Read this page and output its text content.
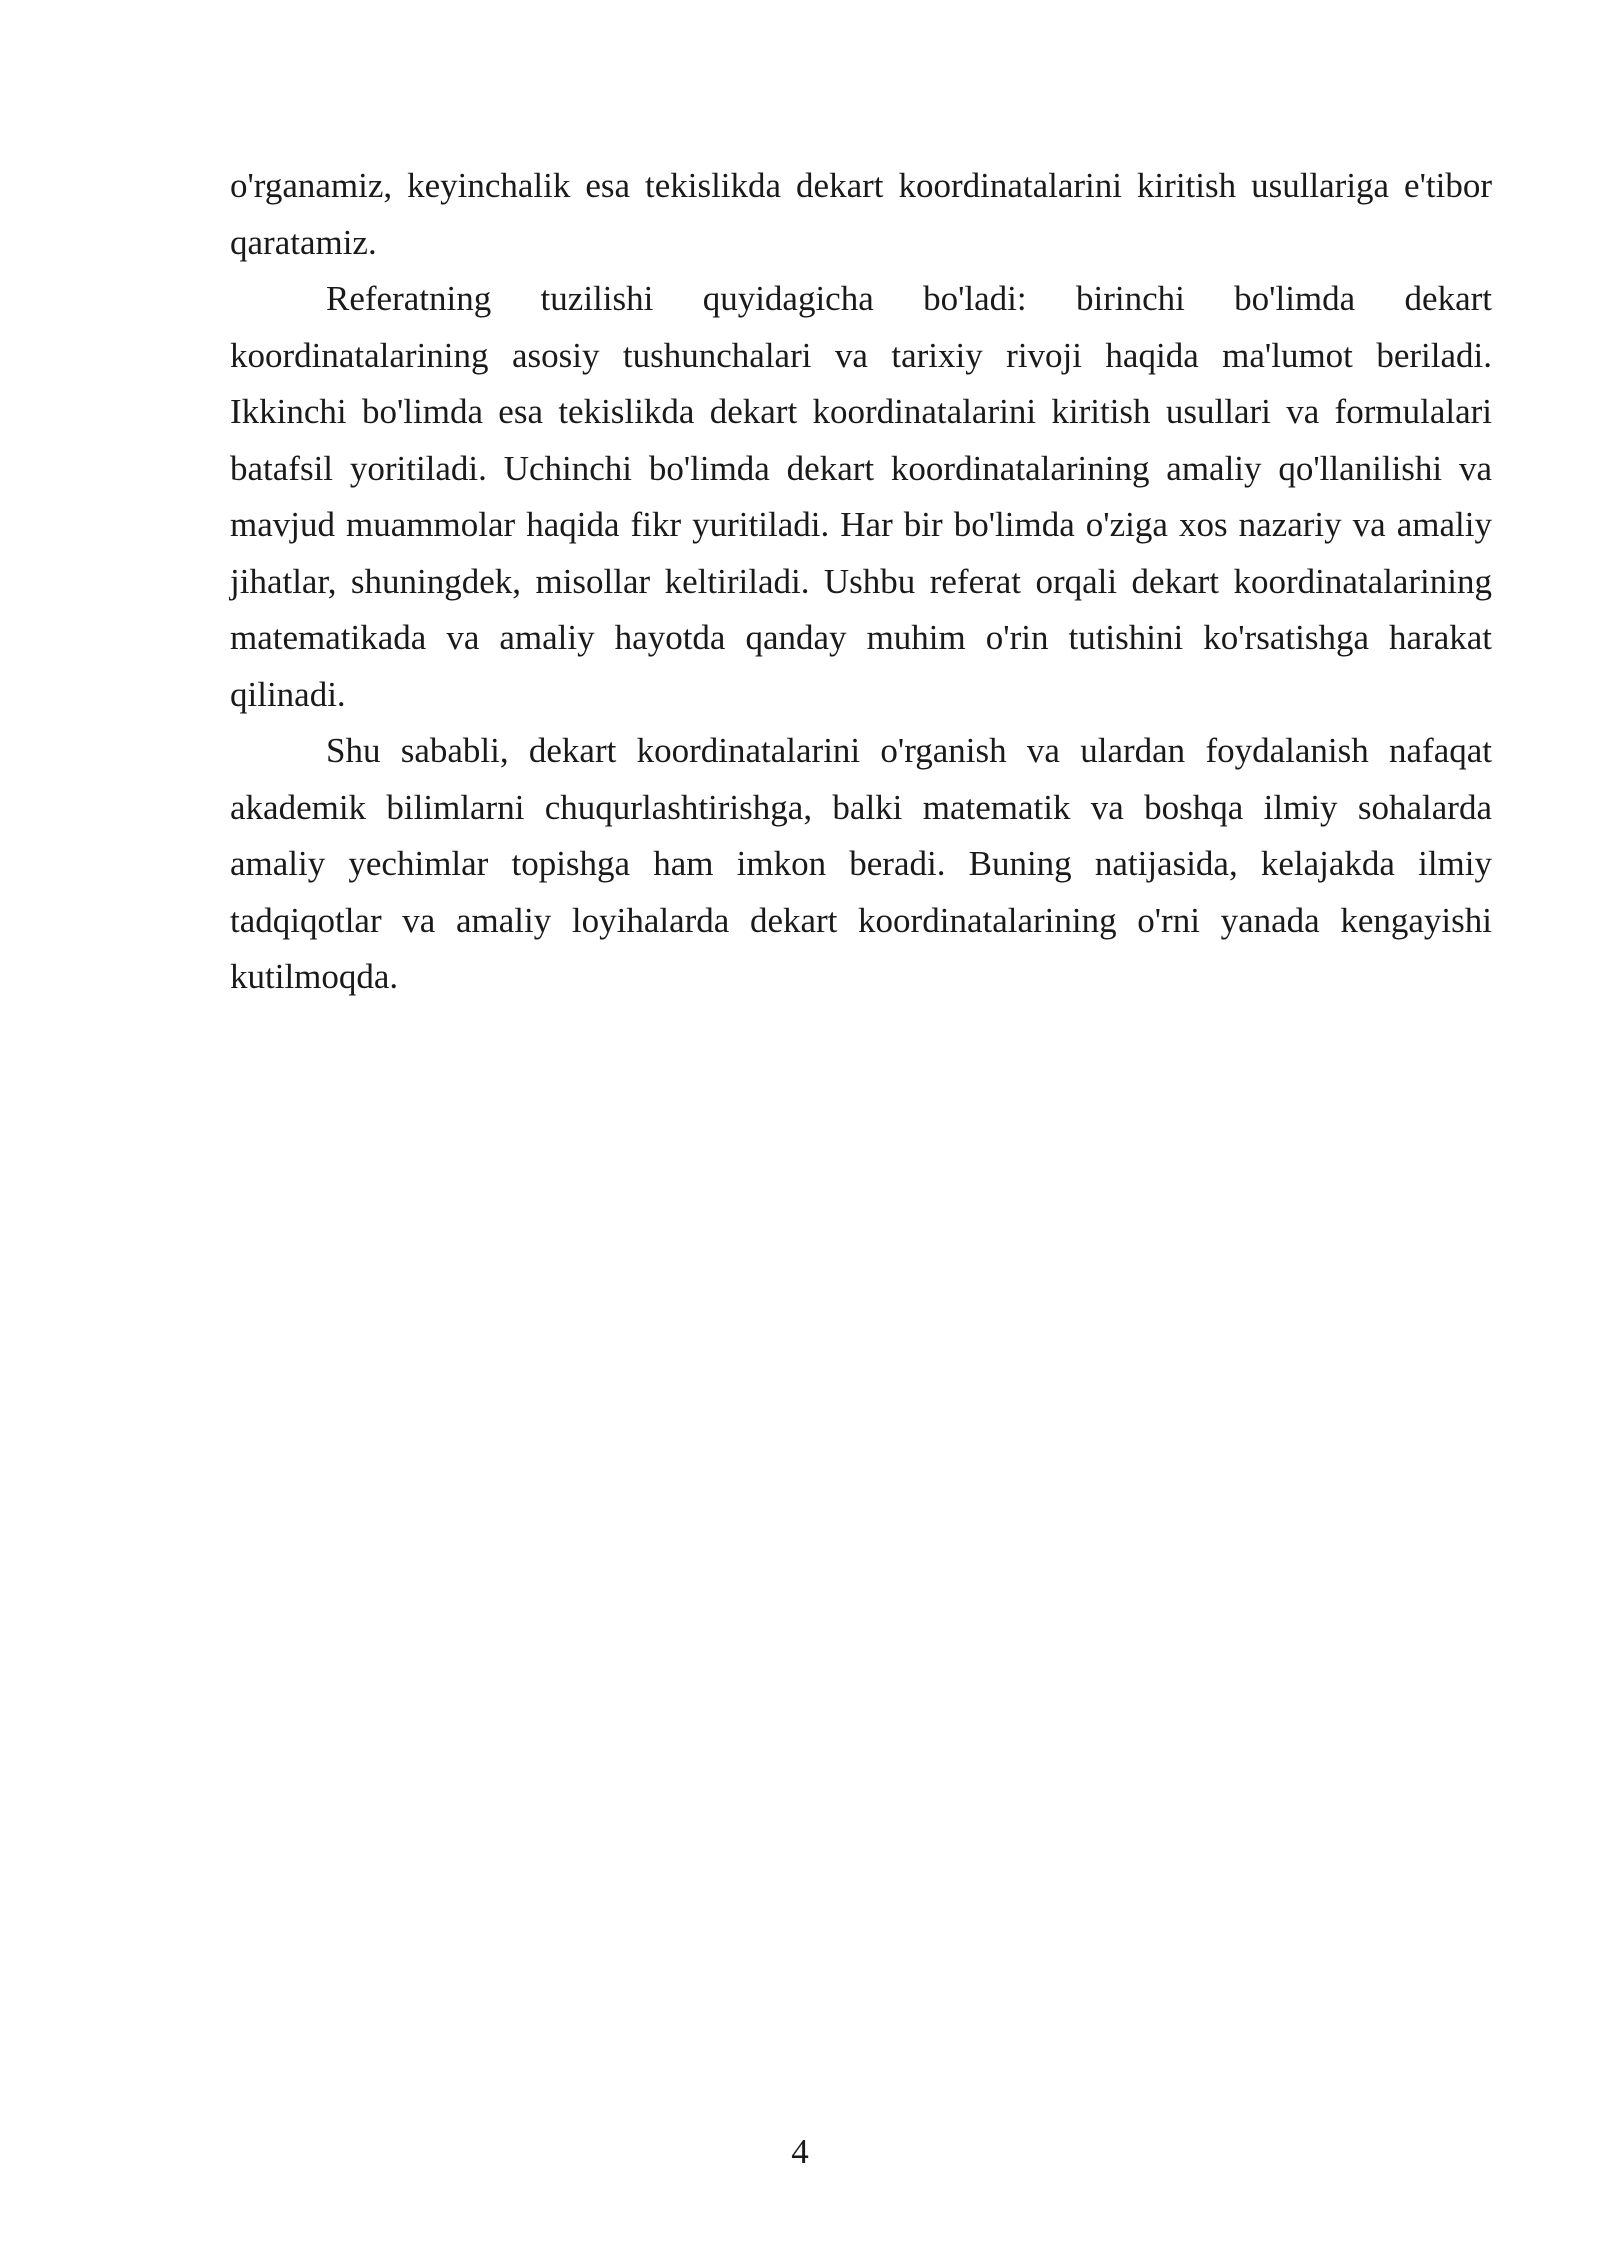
o'rganamiz, keyinchalik esa tekislikda dekart koordinatalarini kiritish usullariga e'tibor qaratamiz.

Referatning tuzilishi quyidagicha bo'ladi: birinchi bo'limda dekart koordinatalarining asosiy tushunchalari va tarixiy rivoji haqida ma'lumot beriladi. Ikkinchi bo'limda esa tekislikda dekart koordinatalarini kiritish usullari va formulalari batafsil yoritiladi. Uchinchi bo'limda dekart koordinatalarining amaliy qo'llanilishi va mavjud muammolar haqida fikr yuritiladi. Har bir bo'limda o'ziga xos nazariy va amaliy jihatlar, shuningdek, misollar keltiriladi. Ushbu referat orqali dekart koordinatalarining matematikada va amaliy hayotda qanday muhim o'rin tutishini ko'rsatishga harakat qilinadi.

Shu sababli, dekart koordinatalarini o'rganish va ulardan foydalanish nafaqat akademik bilimlarni chuqurlashtirishga, balki matematik va boshqa ilmiy sohalarda amaliy yechimlar topishga ham imkon beradi. Buning natijasida, kelajakda ilmiy tadqiqotlar va amaliy loyihalarda dekart koordinatalarining o'rni yanada kengayishi kutilmoqda.

4
